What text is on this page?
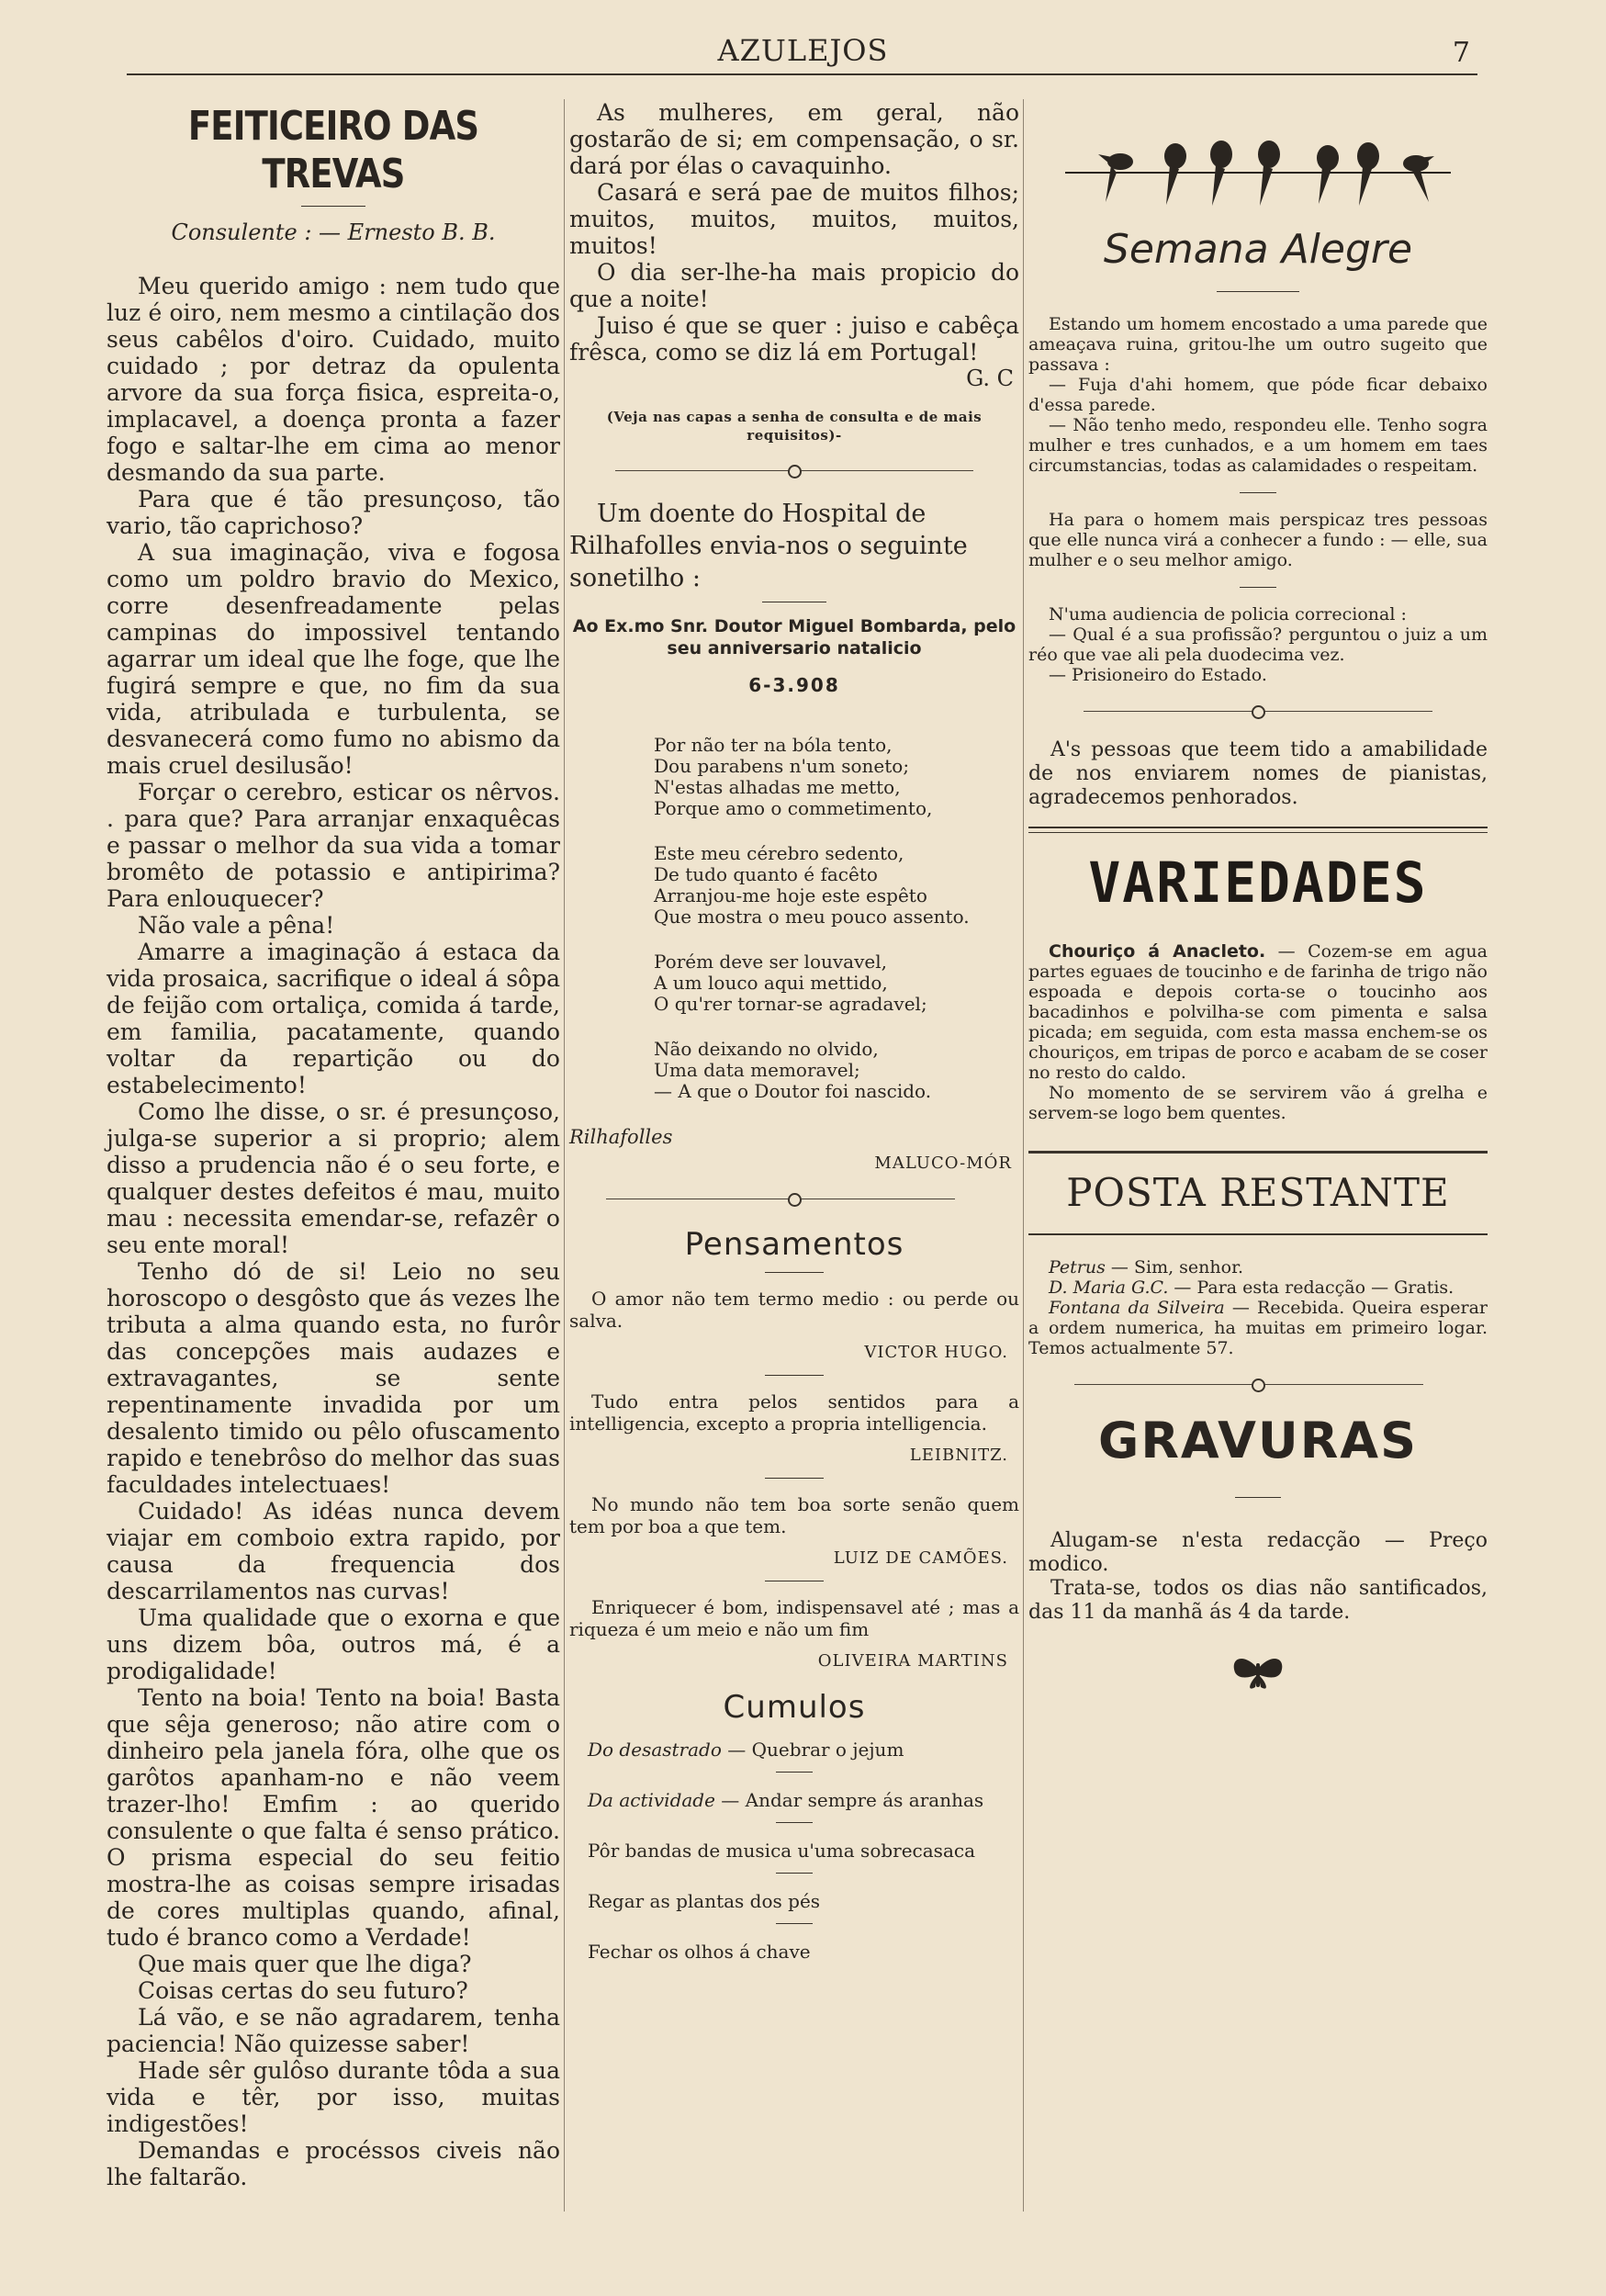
AZULEJOS	7
FEITICEIRO DAS TREVAS
Consulente : — Ernesto B. B.

Meu querido amigo : nem tudo que luz é oiro, nem mesmo a cintilação dos seus cabêlos d'oiro. Cuidado, muito cuidado ; por detraz da opulenta arvore da sua força fisica, espreita-o, implacavel, a doença pronta a fazer fogo e saltar-lhe em cima ao menor desmando da sua parte.

Para que é tão presunçoso, tão vario, tão caprichoso?

A sua imaginação, viva e fogosa como um poldro bravio do Mexico, corre desenfreadamente pelas campinas do impossivel tentando agarrar um ideal que lhe foge, que lhe fugirá sempre e que, no fim da sua vida, atribulada e turbulenta, se desvanecerá como fumo no abismo da mais cruel desilusão!

Forçar o cerebro, esticar os nêrvos. . para que? Para arranjar enxaquêcas e passar o melhor da sua vida a tomar bromêto de potassio e antipirima? Para enlouquecer?

Não vale a pêna!

Amarre a imaginação á estaca da vida prosaica, sacrifique o ideal á sôpa de feijão com ortaliça, comida á tarde, em familia, pacatamente, quando voltar da repartição ou do estabelecimento!

Como lhe disse, o sr. é presunçoso, julga-se superior a si proprio; alem disso a prudencia não é o seu forte, e qualquer destes defeitos é mau, muito mau : necessita emendar-se, refazêr o seu ente moral!

Tenho dó de si! Leio no seu horoscopo o desgôsto que ás vezes lhe tributa a alma quando esta, no furôr das concepções mais audazes e extravagantes, se sente repentinamente invadida por um desalento timido ou pêlo ofuscamento rapido e tenebrôso do melhor das suas faculdades intelectuaes!

Cuidado! As idéas nunca devem viajar em comboio extra rapido, por causa da frequencia dos descarrilamentos nas curvas!

Uma qualidade que o exorna e que uns dizem bôa, outros má, é a prodigalidade!

Tento na boia! Tento na boia! Basta que sêja generoso; não atire com o dinheiro pela janela fóra, olhe que os garôtos apanham-no e não veem trazer-lho! Emfim : ao querido consulente o que falta é senso prático. O prisma especial do seu feitio mostra-lhe as coisas sempre irisadas de cores multiplas quando, afinal, tudo é branco como a Verdade!

Que mais quer que lhe diga?

Coisas certas do seu futuro?

Lá vão, e se não agradarem, tenha paciencia! Não quizesse saber!

Hade sêr gulôso durante tôda a sua vida e têr, por isso, muitas indigestões!

Demandas e procéssos civeis não lhe faltarão.

As mulheres, em geral, não gostarão de si; em compensação, o sr. dará por élas o cavaquinho.

Casará e será pae de muitos filhos; muitos, muitos, muitos, muitos, muitos!

O dia ser-lhe-ha mais propicio do que a noite!

Juiso é que se quer : juiso e cabêça frêsca, como se diz lá em Portugal!

G. C
(Veja nas capas a senha de consulta e de mais requisitos)-

Um doente do Hospital de Rilhafolles envia-nos o seguinte sonetilho :

Ao Ex.mo Snr. Doutor Miguel Bombarda, pelo seu anniversario natalicio
6-3.908
Por não ter na bóla tento,
Dou parabens n'um soneto;
N'estas alhadas me metto,
Porque amo o commetimento,
Este meu cérebro sedento,
De tudo quanto é facêto
Arranjou-me hoje este espêto
Que mostra o meu pouco assento.
Porém deve ser louvavel,
A um louco aqui mettido,
O qu'rer tornar-se agradavel;
Não deixando no olvido,
Uma data memoravel;
— A que o Doutor foi nascido.
Rilhafolles
MALUCO-MÓR
Pensamentos

O amor não tem termo medio : ou perde ou salva.

VICTOR HUGO.

Tudo entra pelos sentidos para a intelligencia, excepto a propria intelligencia.

LEIBNITZ.

No mundo não tem boa sorte senão quem tem por boa a que tem.

LUIZ DE CAMÕES.

Enriquecer é bom, indispensavel até ; mas a riqueza é um meio e não um fim

OLIVEIRA MARTINS
Cumulos
Do desastrado — Quebrar o jejum
Da actividade — Andar sempre ás aranhas
Pôr bandas de musica u'uma sobrecasaca
Regar as plantas dos pés
Fechar os olhos á chave
Semana Alegre

Estando um homem encostado a uma parede que ameaçava ruina, gritou-lhe um outro sugeito que passava :

— Fuja d'ahi homem, que póde ficar debaixo d'essa parede.

— Não tenho medo, respondeu elle. Tenho sogra mulher e tres cunhados, e a um homem em taes circumstancias, todas as calamidades o respeitam.

Ha para o homem mais perspicaz tres pessoas que elle nunca virá a conhecer a fundo : — elle, sua mulher e o seu melhor amigo.

N'uma audiencia de policia correcional :

— Qual é a sua profissão? perguntou o juiz a um réo que vae ali pela duodecima vez.

— Prisioneiro do Estado.

A's pessoas que teem tido a amabilidade de nos enviarem nomes de pianistas, agradecemos penhorados.

VARIEDADES

Chouriço á Anacleto. — Cozem-se em agua partes eguaes de toucinho e de farinha de trigo não espoada e depois corta-se o toucinho aos bacadinhos e polvilha-se com pimenta e salsa picada; em seguida, com esta massa enchem-se os chouriços, em tripas de porco e acabam de se coser no resto do caldo.

No momento de se servirem vão á grelha e servem-se logo bem quentes.

POSTA RESTANTE

Petrus — Sim, senhor.

D. Maria G.C. — Para esta redacção — Gratis.

Fontana da Silveira — Recebida. Queira esperar a ordem numerica, ha muitas em primeiro logar. Temos actualmente 57.

GRAVURAS

Alugam-se n'esta redacção — Preço modico.

Trata-se, todos os dias não santificados, das 11 da manhã ás 4 da tarde.
